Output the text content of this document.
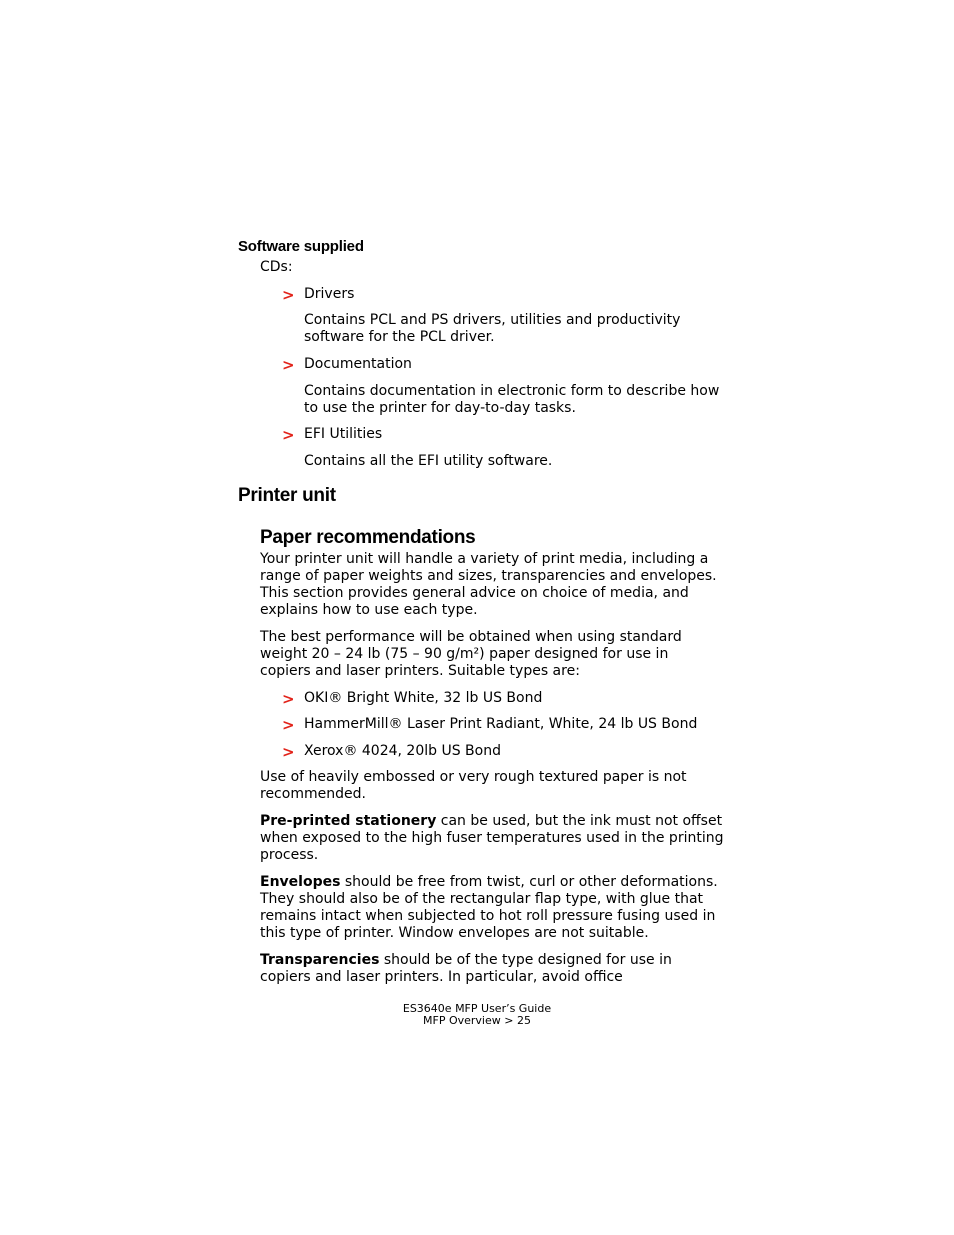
Software supplied
CDs:
> Drivers
Contains PCL and PS drivers, utilities and productivity
software for the PCL driver.
> Documentation
Contains documentation in electronic form to describe how
to use the printer for day-to-day tasks.
> EFI Utilities
Contains all the EFI utility software.
Printer unit
Paper recommendations
Your printer unit will handle a variety of print media, including a
range of paper weights and sizes, transparencies and envelopes.
This section provides general advice on choice of media, and
explains how to use each type.
The best performance will be obtained when using standard
weight 20 – 24 lb (75 – 90 g/m²) paper designed for use in
copiers and laser printers. Suitable types are:
> OKI® Bright White, 32 lb US Bond
> HammerMill® Laser Print Radiant, White, 24 lb US Bond
> Xerox® 4024, 20lb US Bond
Use of heavily embossed or very rough textured paper is not
recommended.
Pre-printed stationery can be used, but the ink must not offset
when exposed to the high fuser temperatures used in the printing
process.
Envelopes should be free from twist, curl or other deformations.
They should also be of the rectangular flap type, with glue that
remains intact when subjected to hot roll pressure fusing used in
this type of printer. Window envelopes are not suitable.
Transparencies should be of the type designed for use in
copiers and laser printers. In particular, avoid office
ES3640e MFP User’s Guide
MFP Overview > 25
